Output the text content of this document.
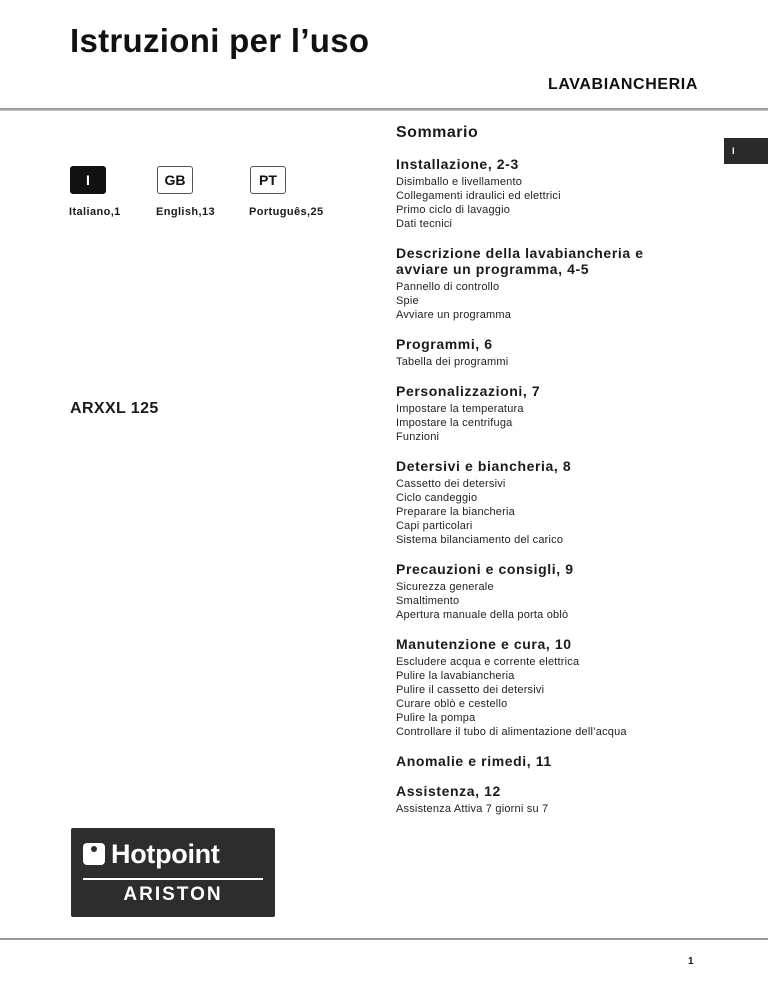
Istruzioni per l’uso
LAVABIANCHERIA
I
Italiano,1
GB
English,13
PT
Português,25
ARXXL 125
I
Sommario
Installazione, 2-3
Disimballo e livellamento
Collegamenti idraulici ed elettrici
Primo ciclo di lavaggio
Dati tecnici
Descrizione della lavabiancheria e avviare un programma, 4-5
Pannello di controllo
Spie
Avviare un programma
Programmi, 6
Tabella dei programmi
Personalizzazioni, 7
Impostare la temperatura
Impostare la centrifuga
Funzioni
Detersivi e biancheria, 8
Cassetto dei detersivi
Ciclo candeggio
Preparare la biancheria
Capi particolari
Sistema bilanciamento del carico
Precauzioni e consigli, 9
Sicurezza generale
Smaltimento
Apertura manuale della porta oblò
Manutenzione e cura, 10
Escludere acqua e corrente elettrica
Pulire la lavabiancheria
Pulire il cassetto dei detersivi
Curare oblò e cestello
Pulire la pompa
Controllare il tubo di alimentazione dell’acqua
Anomalie e rimedi, 11
Assistenza, 12
Assistenza Attiva 7 giorni su 7
Hotpoint
ARISTON
1
